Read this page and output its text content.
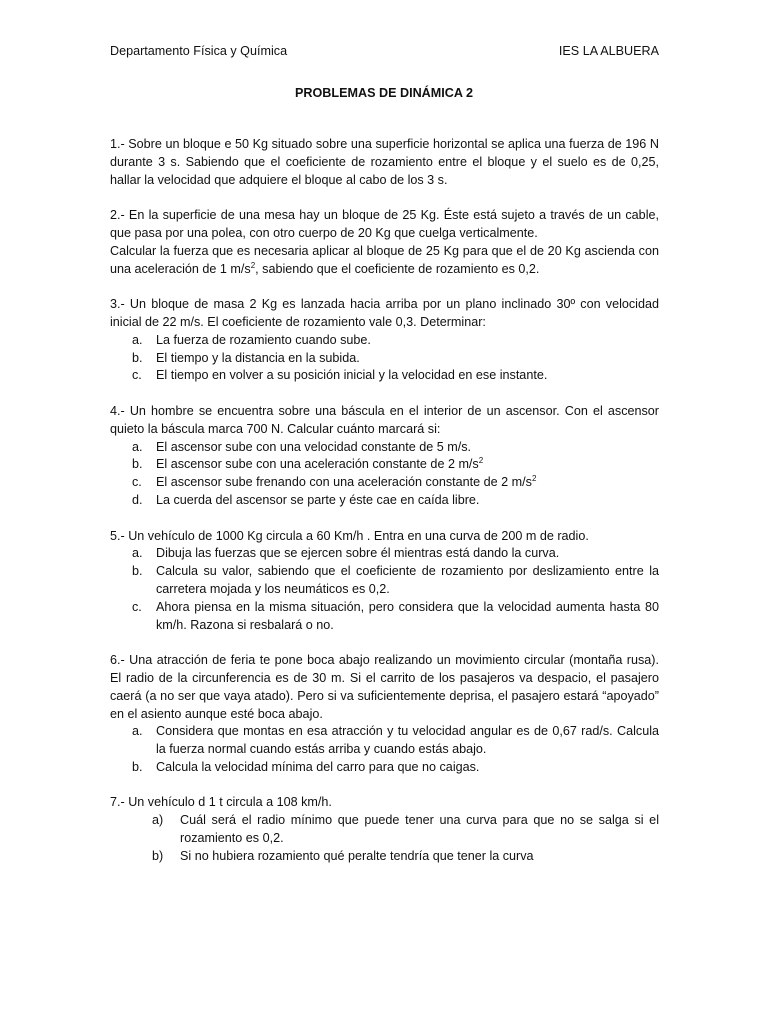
Departamento Física y Química	IES LA ALBUERA
PROBLEMAS DE DINÁMICA 2

1.- Sobre un bloque e 50 Kg situado sobre una superficie horizontal se aplica una fuerza de 196 N durante 3 s. Sabiendo que el coeficiente de rozamiento entre el bloque y el suelo es de 0,25, hallar la velocidad que adquiere el bloque al cabo de los 3 s.

2.- En la superficie de una mesa hay un bloque de 25 Kg. Éste está sujeto a través de un cable, que pasa por una polea, con otro cuerpo de 20 Kg que cuelga verticalmente.

Calcular la fuerza que es necesaria aplicar al bloque de 25 Kg para que el de 20 Kg ascienda con una aceleración de 1 $m/s^2$, sabiendo que el coeficiente de rozamiento es 0,2.

3.- Un bloque de masa 2 Kg es lanzada hacia arriba por un plano inclinado 30º con velocidad inicial de 22 m/s. El coeficiente de rozamiento vale 0,3. Determinar:

a. La fuerza de rozamiento cuando sube.
b. El tiempo y la distancia en la subida.
c. El tiempo en volver a su posición inicial y la velocidad en ese instante.

4.- Un hombre se encuentra sobre una báscula en el interior de un ascensor. Con el ascensor quieto la báscula marca 700 N. Calcular cuánto marcará si:

a. El ascensor sube con una velocidad constante de 5 m/s.
b. El ascensor sube con una aceleración constante de 2 $m/s^2$
c. El ascensor sube frenando con una aceleración constante de 2 $m/s^2$
d. La cuerda del ascensor se parte y éste cae en caída libre.

5.- Un vehículo de 1000 Kg circula a 60 Km/h . Entra en una curva de 200 m de radio.

a. Dibuja las fuerzas que se ejercen sobre él mientras está dando la curva.
b. Calcula su valor, sabiendo que el coeficiente de rozamiento por deslizamiento entre la carretera mojada y los neumáticos es 0,2.
c. Ahora piensa en la misma situación, pero considera que la velocidad aumenta hasta 80 km/h. Razona si resbalará o no.

6.- Una atracción de feria te pone boca abajo realizando un movimiento circular (montaña rusa). El radio de la circunferencia es de 30 m. Si el carrito de los pasajeros va despacio, el pasajero caerá (a no ser que vaya atado). Pero si va suficientemente deprisa, el pasajero estará “apoyado” en el asiento aunque esté boca abajo.

a. Considera que montas en esa atracción y tu velocidad angular es de 0,67 rad/s. Calcula la fuerza normal cuando estás arriba y cuando estás abajo.
b. Calcula la velocidad mínima del carro para que no caigas.

7.- Un vehículo d 1 t circula a 108 km/h.

a) Cuál será el radio mínimo que puede tener una curva para que no se salga si el rozamiento es 0,2.
b) Si no hubiera rozamiento qué peralte tendría que tener la curva
